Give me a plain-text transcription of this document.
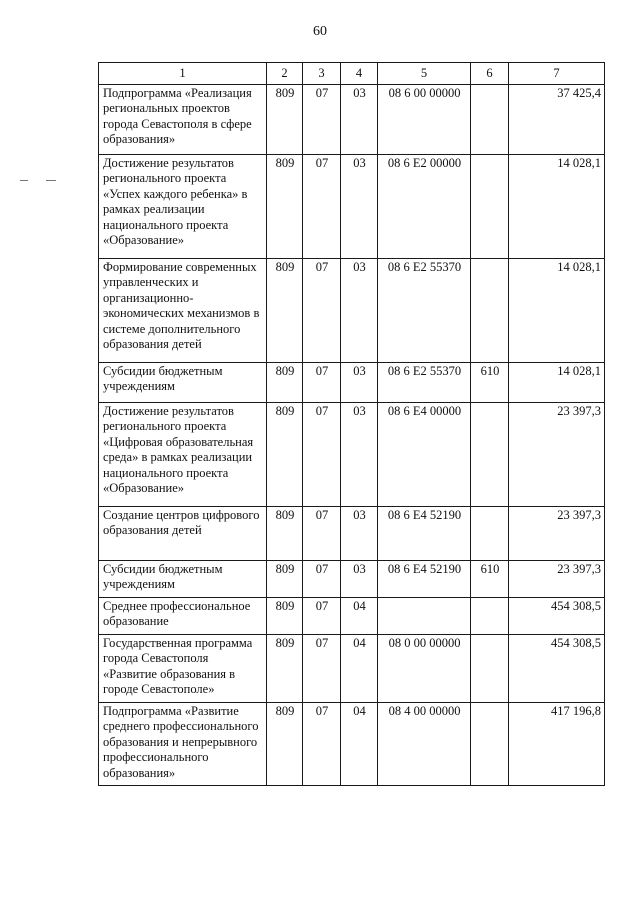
60
1	2	3	4	5	6	7
Подпрограмма «Реализация региональных проектов города Севастополя в сфере образования»	809	07	03	08 6 00 00000		37 425,4
Достижение результатов регионального проекта «Успех каждого ребенка» в рамках реализации национального проекта «Образование»	809	07	03	08 6 Е2 00000		14 028,1
Формирование современных управленческих и организационно-экономических механизмов в системе дополнительного образования детей	809	07	03	08 6 Е2 55370		14 028,1
Субсидии бюджетным учреждениям	809	07	03	08 6 Е2 55370	610	14 028,1
Достижение результатов регионального проекта «Цифровая образовательная среда» в рамках реализации национального проекта «Образование»	809	07	03	08 6 Е4 00000		23 397,3
Создание центров цифрового образования детей	809	07	03	08 6 Е4 52190		23 397,3
Субсидии бюджетным учреждениям	809	07	03	08 6 Е4 52190	610	23 397,3
Среднее профессиональное образование	809	07	04			454 308,5
Государственная программа города Севастополя «Развитие образования в городе Севастополе»	809	07	04	08 0 00 00000		454 308,5
Подпрограмма «Развитие среднего профессионального образования и непрерывного профессионального образования»	809	07	04	08 4 00 00000		417 196,8
